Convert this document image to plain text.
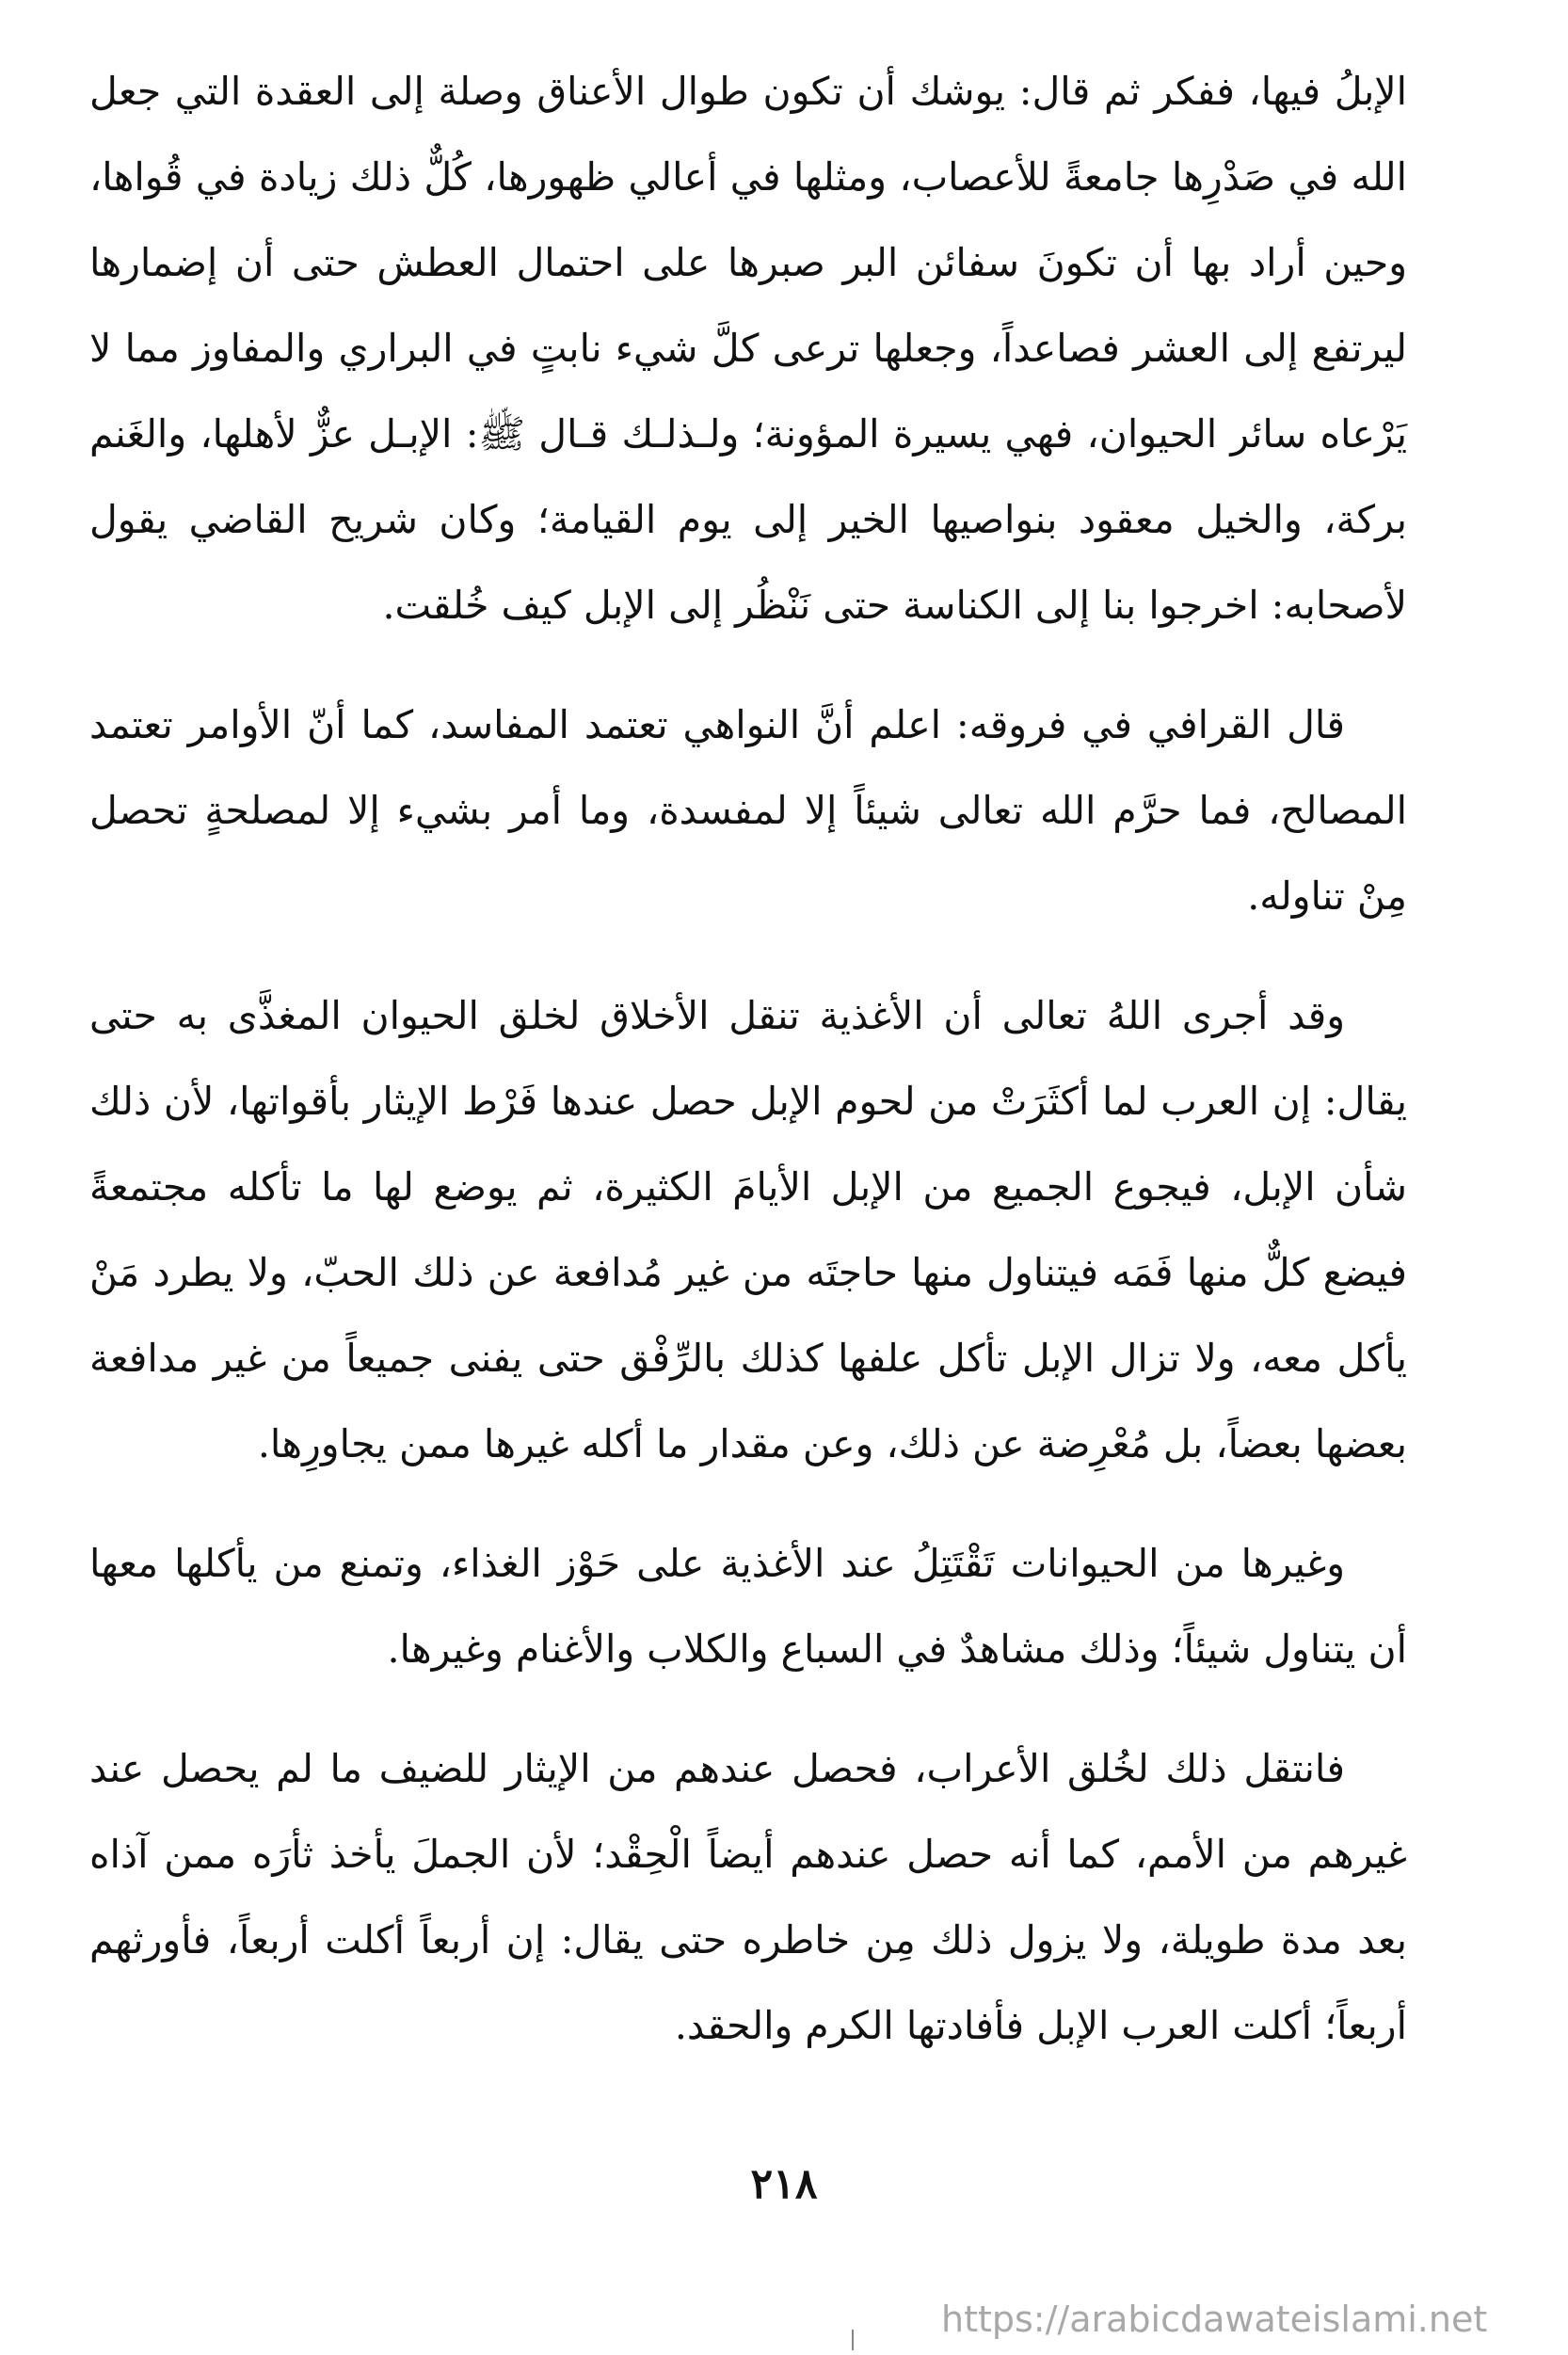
الإبلُ فيها، ففكر ثم قال: يوشك أن تكون طوال الأعناق وصلة إلى العقدة التي جعل الله في صَدْرِها جامعةً للأعصاب، ومثلها في أعالي ظهورها، كُلٌّ ذلك زيادة في قُواها، وحين أراد بها أن تكونَ سفائن البر صبرها على احتمال العطش حتى أن إضمارها ليرتفع إلى العشر فصاعداً، وجعلها ترعى كلَّ شيء نابتٍ في البراري والمفاوز مما لا يَرْعاه سائر الحيوان، فهي يسيرة المؤونة؛ ولـذلـك قـال ﷺ: الإبـل عزٌّ لأهلها، والغَنم بركة، والخيل معقود بنواصيها الخير إلى يوم القيامة؛ وكان شريح القاضي يقول لأصحابه: اخرجوا بنا إلى الكناسة حتى نَنْظُر إلى الإبل كيف خُلقت.

قال القرافي في فروقه: اعلم أنَّ النواهي تعتمد المفاسد، كما أنّ الأوامر تعتمد المصالح، فما حرَّم الله تعالى شيئاً إلا لمفسدة، وما أمر بشيء إلا لمصلحةٍ تحصل مِنْ تناوله.

وقد أجرى اللهُ تعالى أن الأغذية تنقل الأخلاق لخلق الحيوان المغذَّى به حتى يقال: إن العرب لما أكثَرَتْ من لحوم الإبل حصل عندها فَرْط الإيثار بأقواتها، لأن ذلك شأن الإبل، فيجوع الجميع من الإبل الأيامَ الكثيرة، ثم يوضع لها ما تأكله مجتمعةً فيضع كلٌّ منها فَمَه فيتناول منها حاجتَه من غير مُدافعة عن ذلك الحبّ، ولا يطرد مَنْ يأكل معه، ولا تزال الإبل تأكل علفها كذلك بالرِّفْق حتى يفنى جميعاً من غير مدافعة بعضها بعضاً، بل مُعْرِضة عن ذلك، وعن مقدار ما أكله غيرها ممن يجاورِها.

وغيرها من الحيوانات تَقْتَتِلُ عند الأغذية على حَوْز الغذاء، وتمنع من يأكلها معها أن يتناول شيئاً؛ وذلك مشاهدٌ في السباع والكلاب والأغنام وغيرها.

فانتقل ذلك لخُلق الأعراب، فحصل عندهم من الإيثار للضيف ما لم يحصل عند غيرهم من الأمم، كما أنه حصل عندهم أيضاً الْحِقْد؛ لأن الجملَ يأخذ ثأرَه ممن آذاه بعد مدة طويلة، ولا يزول ذلك مِن خاطره حتى يقال: إن أربعاً أكلت أربعاً، فأورثهم أربعاً؛ أكلت العرب الإبل فأفادتها الكرم والحقد.

٢١٨
https://arabicdawateislami.net
